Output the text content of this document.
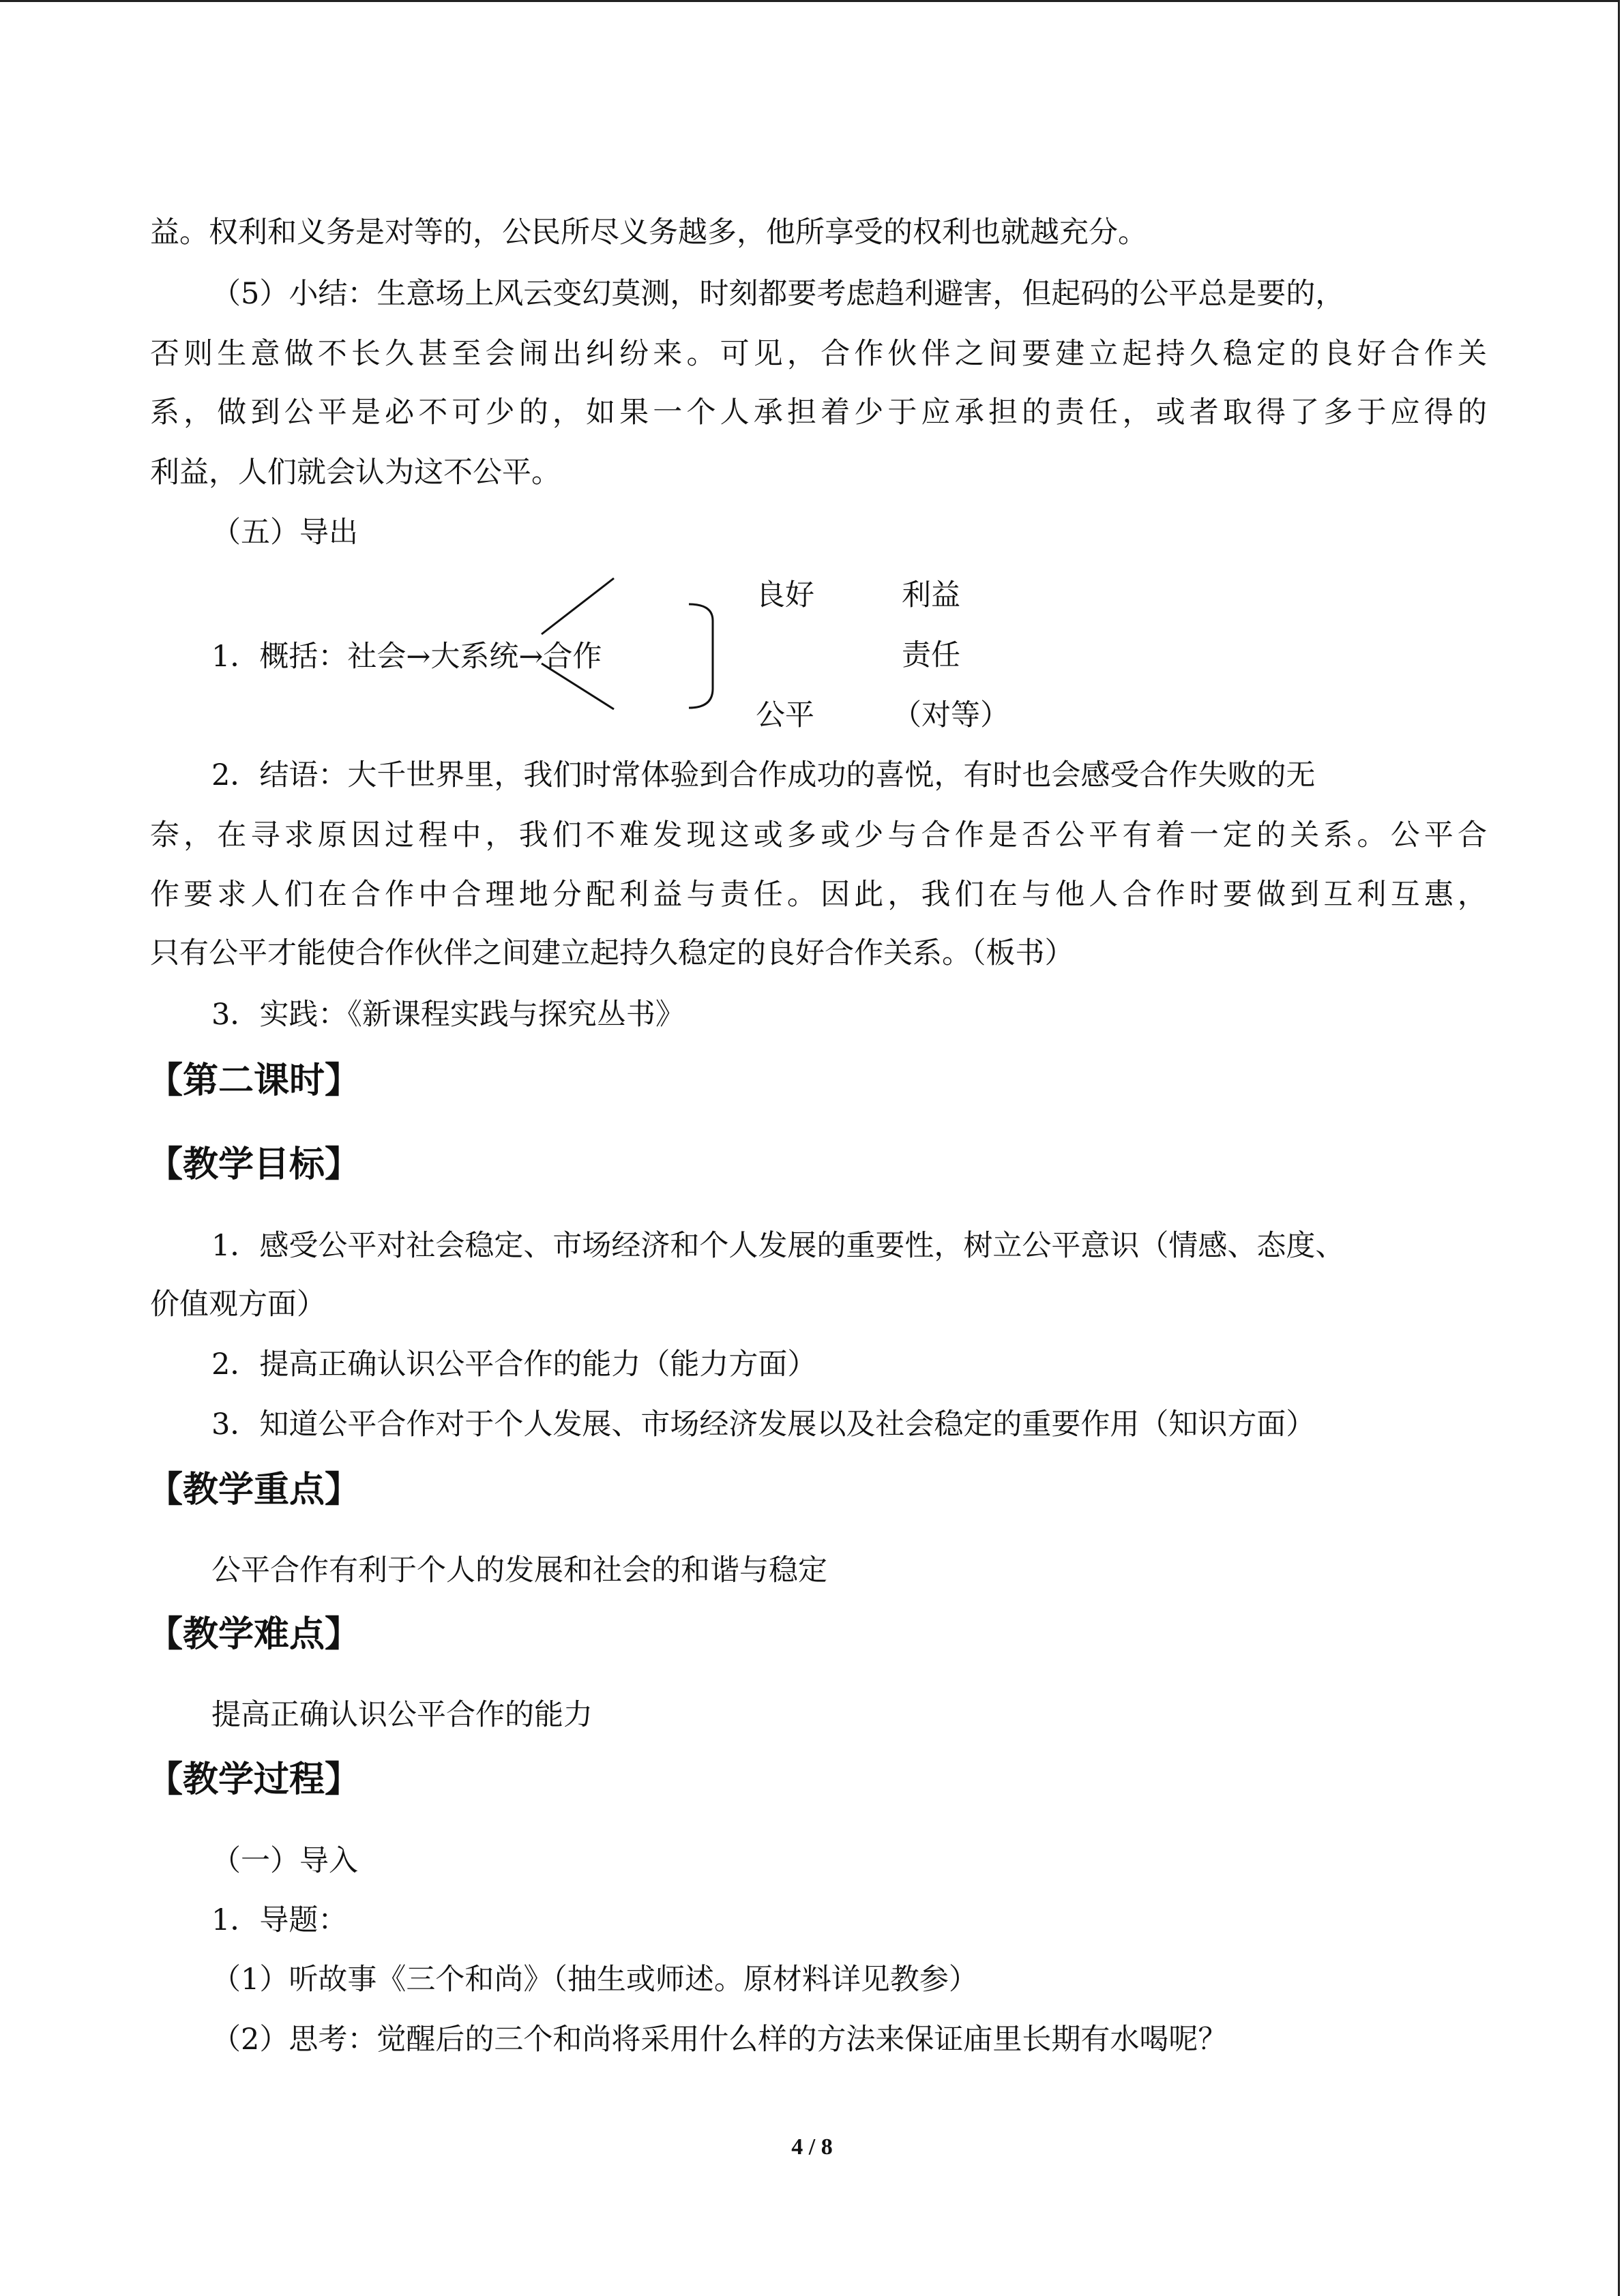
益。权利和义务是对等的，公民所尽义务越多，他所享受的权利也就越充分。
（5）小结：生意场上风云变幻莫测，时刻都要考虑趋利避害，但起码的公平总是要的，
否则生意做不长久甚至会闹出纠纷来。可见，合作伙伴之间要建立起持久稳定的良好合作关
系，做到公平是必不可少的，如果一个人承担着少于应承担的责任，或者取得了多于应得的
利益，人们就会认为这不公平。
（五）导出
1．概括：社会→大系统→合作
良好	利益
责任
公平	（对等）
2．结语：大千世界里，我们时常体验到合作成功的喜悦，有时也会感受合作失败的无
奈，在寻求原因过程中，我们不难发现这或多或少与合作是否公平有着一定的关系。公平合
作要求人们在合作中合理地分配利益与责任。因此，我们在与他人合作时要做到互利互惠，
只有公平才能使合作伙伴之间建立起持久稳定的良好合作关系。（板书）
3．实践：《新课程实践与探究丛书》
【第二课时】
【教学目标】
1．感受公平对社会稳定、市场经济和个人发展的重要性，树立公平意识（情感、态度、
价值观方面）
2．提高正确认识公平合作的能力（能力方面）
3．知道公平合作对于个人发展、市场经济发展以及社会稳定的重要作用（知识方面）
【教学重点】
公平合作有利于个人的发展和社会的和谐与稳定
【教学难点】
提高正确认识公平合作的能力
【教学过程】
（一）导入
1．导题：
（1）听故事《三个和尚》（抽生或师述。原材料详见教参）
（2）思考：觉醒后的三个和尚将采用什么样的方法来保证庙里长期有水喝呢？
4 / 8
